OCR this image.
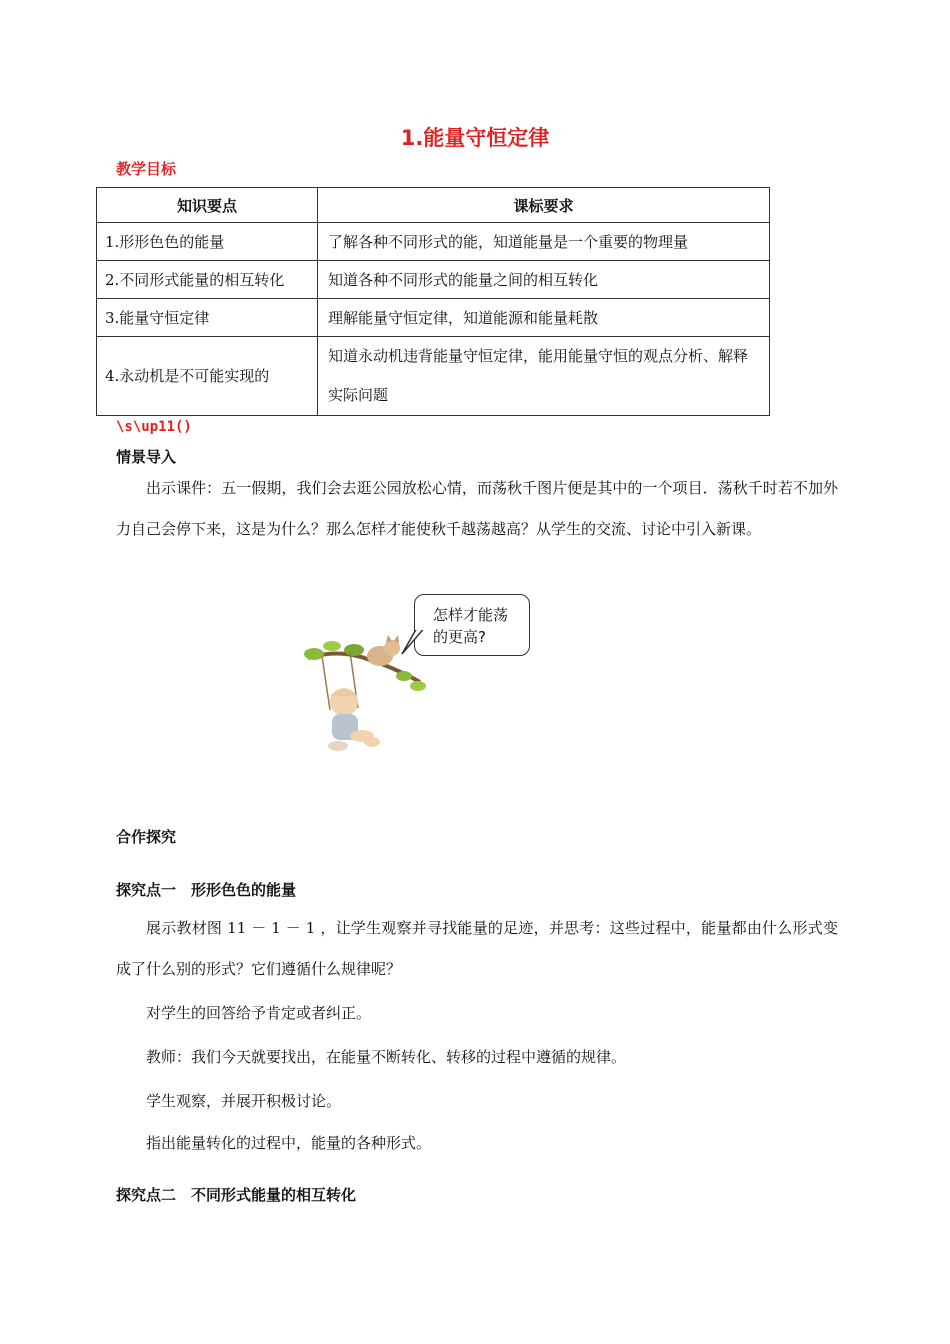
1.能量守恒定律
教学目标
知识要点	课标要求
1.形形色色的能量	了解各种不同形式的能，知道能量是一个重要的物理量
2.不同形式能量的相互转化	知道各种不同形式的能量之间的相互转化
3.能量守恒定律	理解能量守恒定律，知道能源和能量耗散
4.永动机是不可能实现的	知道永动机违背能量守恒定律，能用能量守恒的观点分析、解释实际问题
\s\up11()
情景导入
出示课件：五一假期，我们会去逛公园放松心情，而荡秋千图片便是其中的一个项目．荡秋千时若不加外力自己会停下来，这是为什么？那么怎样才能使秋千越荡越高？从学生的交流、讨论中引入新课。
怎样才能荡
的更高?
合作探究
探究点一　形形色色的能量
展示教材图 11 － 1 － 1 ，让学生观察并寻找能量的足迹，并思考：这些过程中，能量都由什么形式变成了什么别的形式？它们遵循什么规律呢？
对学生的回答给予肯定或者纠正。
教师：我们今天就要找出，在能量不断转化、转移的过程中遵循的规律。
学生观察，并展开积极讨论。
指出能量转化的过程中，能量的各种形式。
探究点二　不同形式能量的相互转化
